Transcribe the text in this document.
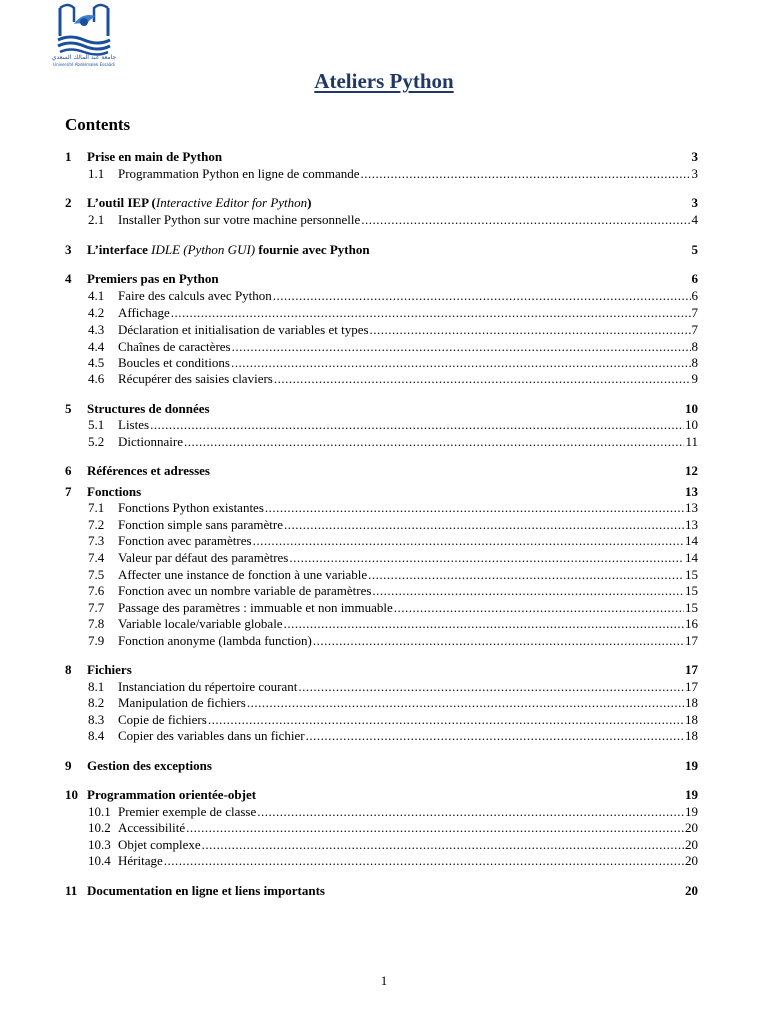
جامعة عبد المالك السعدي
Université Abdelmalek Essaâdi
Ateliers Python
Contents
1 Prise en main de Python	3
1.1 Programmation Python en ligne de commande .....	3
2 L’outil IEP (Interactive Editor for Python)	3
2.1 Installer Python sur votre machine personnelle .....	4
3 L’interface IDLE (Python GUI) fournie avec Python	5
4 Premiers pas en Python	6
4.1 Faire des calculs avec Python .....	6
4.2 Affichage .....	7
4.3 Déclaration et initialisation de variables et types .....	7
4.4 Chaînes de caractères .....	8
4.5 Boucles et conditions .....	8
4.6 Récupérer des saisies claviers .....	9
5 Structures de données	10
5.1 Listes .....	10
5.2 Dictionnaire .....	11
6 Références et adresses	12
7 Fonctions	13
7.1 Fonctions Python existantes .....	13
7.2 Fonction simple sans paramètre .....	13
7.3 Fonction avec paramètres .....	14
7.4 Valeur par défaut des paramètres .....	14
7.5 Affecter une instance de fonction à une variable .....	15
7.6 Fonction avec un nombre variable de paramètres .....	15
7.7 Passage des paramètres : immuable et non immuable .....	15
7.8 Variable locale/variable globale .....	16
7.9 Fonction anonyme (lambda function) .....	17
8 Fichiers	17
8.1 Instanciation du répertoire courant .....	17
8.2 Manipulation de fichiers .....	18
8.3 Copie de fichiers .....	18
8.4 Copier des variables dans un fichier .....	18
9 Gestion des exceptions	19
10 Programmation orientée-objet	19
10.1 Premier exemple de classe .....	19
10.2 Accessibilité .....	20
10.3 Objet complexe .....	20
10.4 Héritage .....	20
11 Documentation en ligne et liens importants	20
1
